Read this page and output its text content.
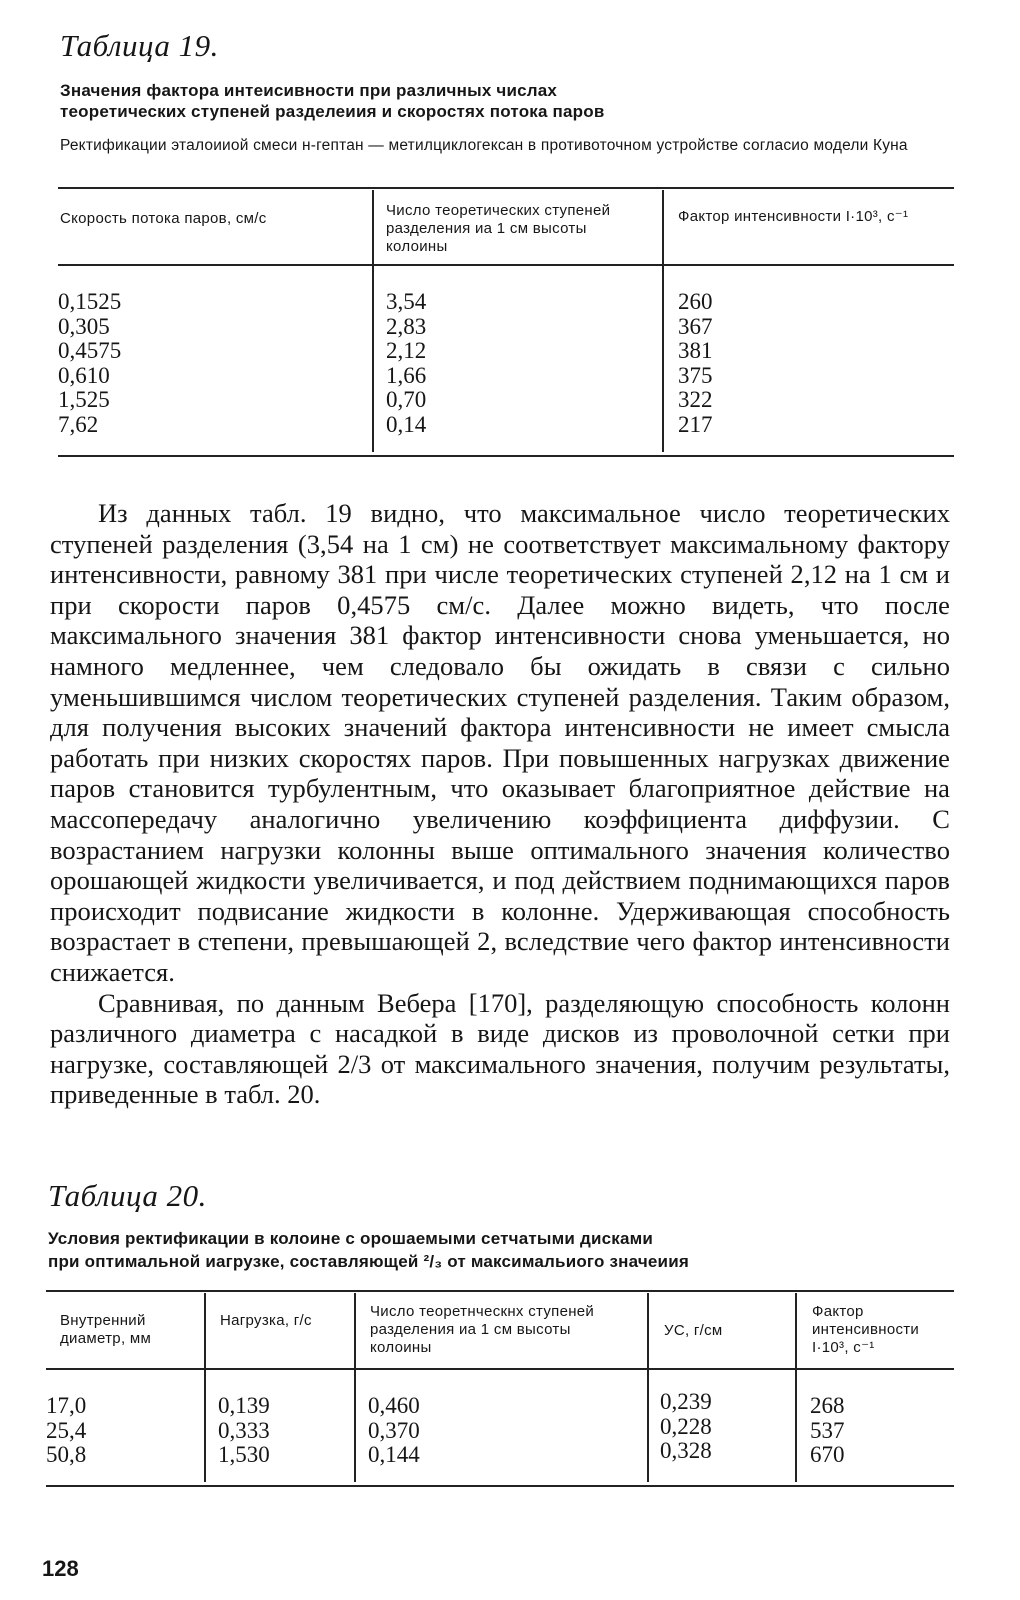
Таблица 19.
Значения фактора интеисивности при различных числах
теоретических ступеней разделеиия и скоростях потока паров
Ректификации эталоииой смеси н-гептан — метилциклогексан в противоточном устройстве согласио модели Куна
Скорость потока паров, см/с	Число теоретических ступеней разделения иа 1 см высоты колоины
Фактор интенсивности I·10³, с⁻¹
0,1525
0,305
0,4575
0,610
1,525
7,62
3,54
2,83
2,12
1,66
0,70
0,14
260
367
381
375
322
217

Из данных табл. 19 видно, что максимальное число теоретических ступеней разделения (3,54 на 1 см) не соответствует максимальному фактору интенсивности, равному 381 при числе теоретических ступеней 2,12 на 1 см и при скорости паров 0,4575 см/с. Далее можно видеть, что после максимального значения 381 фактор интенсивности снова уменьшается, но намного медленнее, чем следовало бы ожидать в связи с сильно уменьшившимся числом теоретических ступеней разделения. Таким образом, для получения высоких значений фактора интенсивности не имеет смысла работать при низких скоростях паров. При повышенных нагрузках движение паров становится турбулентным, что оказывает благоприятное действие на массопередачу аналогично увеличению коэффициента диффузии. С возрастанием нагрузки колонны выше оптимального значения количество орошающей жидкости увеличивается, и под действием поднимающихся паров происходит подвисание жидкости в колонне. Удерживающая способность возрастает в степени, превышающей 2, вследствие чего фактор интенсивности снижается.

Сравнивая, по данным Вебера [170], разделяющую способность колонн различного диаметра с насадкой в виде дисков из проволочной сетки при нагрузке, составляющей 2/3 от максимального значения, получим результаты, приведенные в табл. 20.

Таблица 20.
Условия ректификации в колоине с орошаемыми сетчатыми дисками
при оптимальной иагрузке, составляющей ²/₃ от максимальиого значеиия
Внутренний диаметр, мм
Нагрузка, г/с
Число теоретнческнх ступеней разделения иа 1 см высоты колоины
УС, г/см
Фактор интенсивности I·10³, с⁻¹
17,0
25,4
50,8
0,139
0,333
1,530
0,460
0,370
0,144
0,239
0,228
0,328
268
537
670
128
